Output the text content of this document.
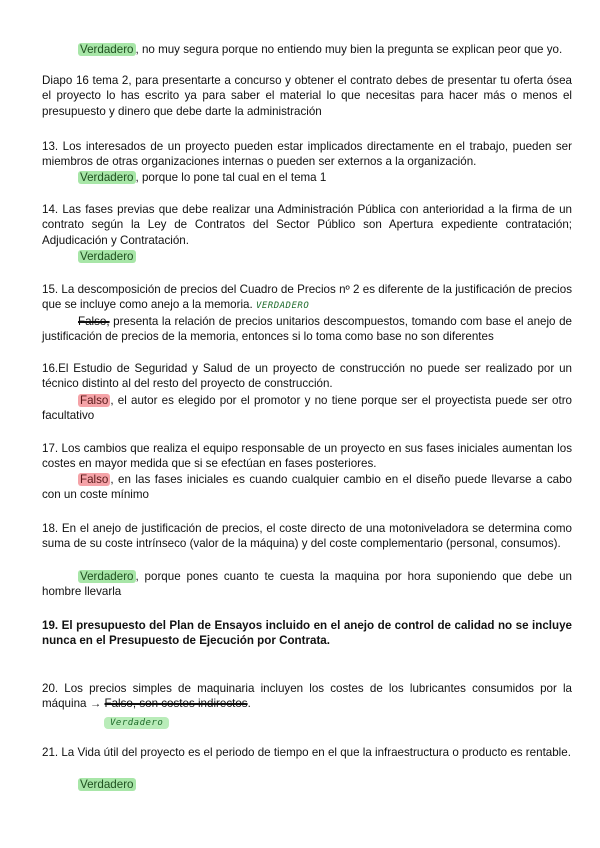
Verdadero , no muy segura porque no entiendo muy bien la pregunta se explican peor que yo.

Diapo 16 tema 2, para presentarte a concurso y obtener el contrato debes de presentar tu oferta ósea el proyecto lo has escrito ya para saber el material lo que necesitas para hacer más o menos el presupuesto y dinero que debe darte la administración

13. Los interesados de un proyecto pueden estar implicados directamente en el trabajo, pueden ser miembros de otras organizaciones internas o pueden ser externos a la organización.

Verdadero , porque lo pone tal cual en el tema 1

14. Las fases previas que debe realizar una Administración Pública con anterioridad a la firma de un contrato según la Ley de Contratos del Sector Público son Apertura expediente contratación; Adjudicación y Contratación.

Verdadero

15. La descomposición de precios del Cuadro de Precios nº 2 es diferente de la justificación de precios que se incluye como anejo a la memoria. VERDADERO

Falso, presenta la relación de precios unitarios descompuestos, tomando com base el anejo de justificación de precios de la memoria, entonces si lo toma como base no son diferentes

16.El Estudio de Seguridad y Salud de un proyecto de construcción no puede ser realizado por un técnico distinto al del resto del proyecto de construcción.

Falso , el autor es elegido por el promotor y no tiene porque ser el proyectista puede ser otro facultativo

17. Los cambios que realiza el equipo responsable de un proyecto en sus fases iniciales aumentan los costes en mayor medida que si se efectúan en fases posteriores.

Falso , en las fases iniciales es cuando cualquier cambio en el diseño puede llevarse a cabo con un coste mínimo

18. En el anejo de justificación de precios, el coste directo de una motoniveladora se determina como suma de su coste intrínseco (valor de la máquina) y del coste complementario (personal, consumos).

Verdadero , porque pones cuanto te cuesta la maquina por hora suponiendo que debe un hombre llevarla

19. El presupuesto del Plan de Ensayos incluido en el anejo de control de calidad no se incluye nunca en el Presupuesto de Ejecución por Contrata.

20. Los precios simples de maquinaria incluyen los costes de los lubricantes consumidos por la máquina → Falso, son costes indirectos.

Verdadero

21. La Vida útil del proyecto es el periodo de tiempo en el que la infraestructura o producto es rentable.

Verdadero
